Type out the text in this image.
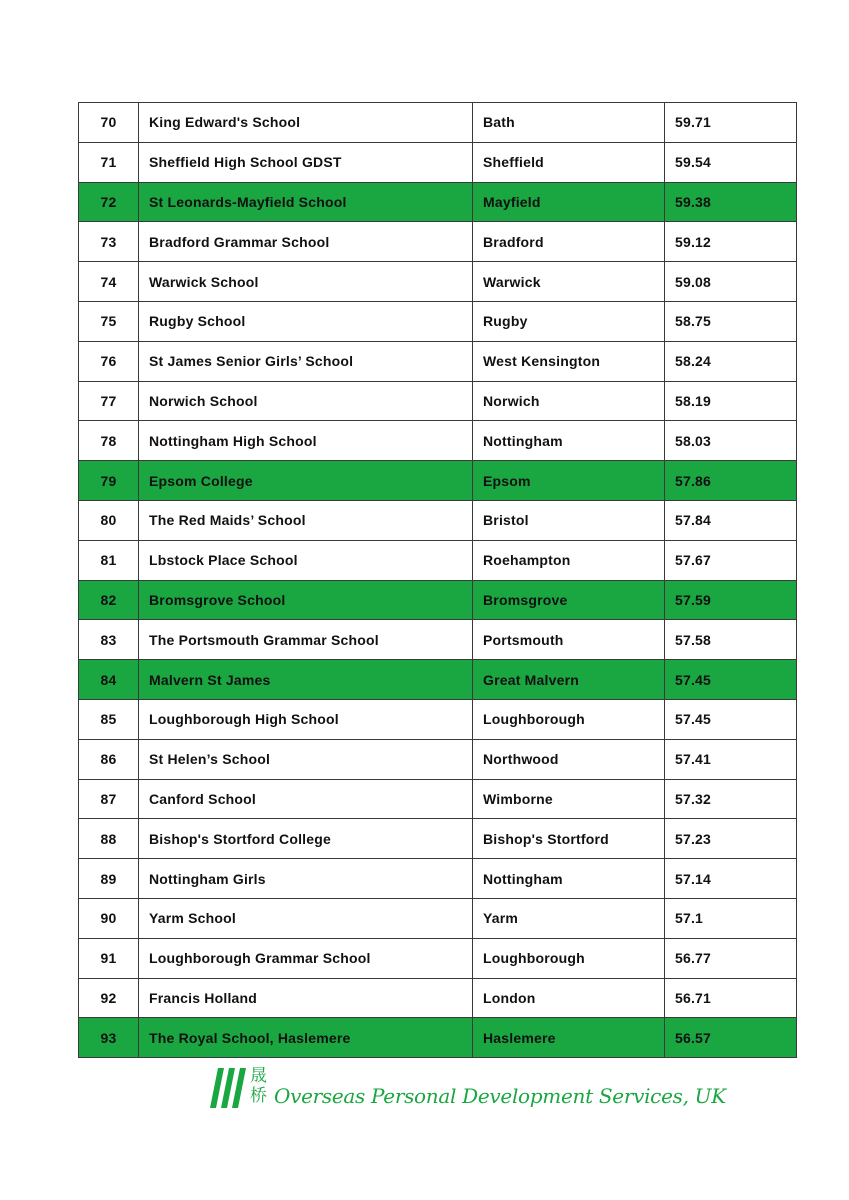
70	King Edward's School	Bath	59.71
71	Sheffield High School GDST	Sheffield	59.54
72	St Leonards-Mayfield School	Mayfield	59.38
73	Bradford Grammar School	Bradford	59.12
74	Warwick School	Warwick	59.08
75	Rugby School	Rugby	58.75
76	St James Senior Girls’ School	West Kensington	58.24
77	Norwich School	Norwich	58.19
78	Nottingham High School	Nottingham	58.03
79	Epsom College	Epsom	57.86
80	The Red Maids’ School	Bristol	57.84
81	Lbstock Place School	Roehampton	57.67
82	Bromsgrove School	Bromsgrove	57.59
83	The Portsmouth Grammar School	Portsmouth	57.58
84	Malvern St James	Great Malvern	57.45
85	Loughborough High School	Loughborough	57.45
86	St Helen’s School	Northwood	57.41
87	Canford School	Wimborne	57.32
88	Bishop's Stortford College	Bishop's Stortford	57.23
89	Nottingham Girls	Nottingham	57.14
90	Yarm School	Yarm	57.1
91	Loughborough Grammar School	Loughborough	56.77
92	Francis Holland	London	56.71
93	The Royal School, Haslemere	Haslemere	56.57
晟
桥 Overseas Personal Development Services, UK
